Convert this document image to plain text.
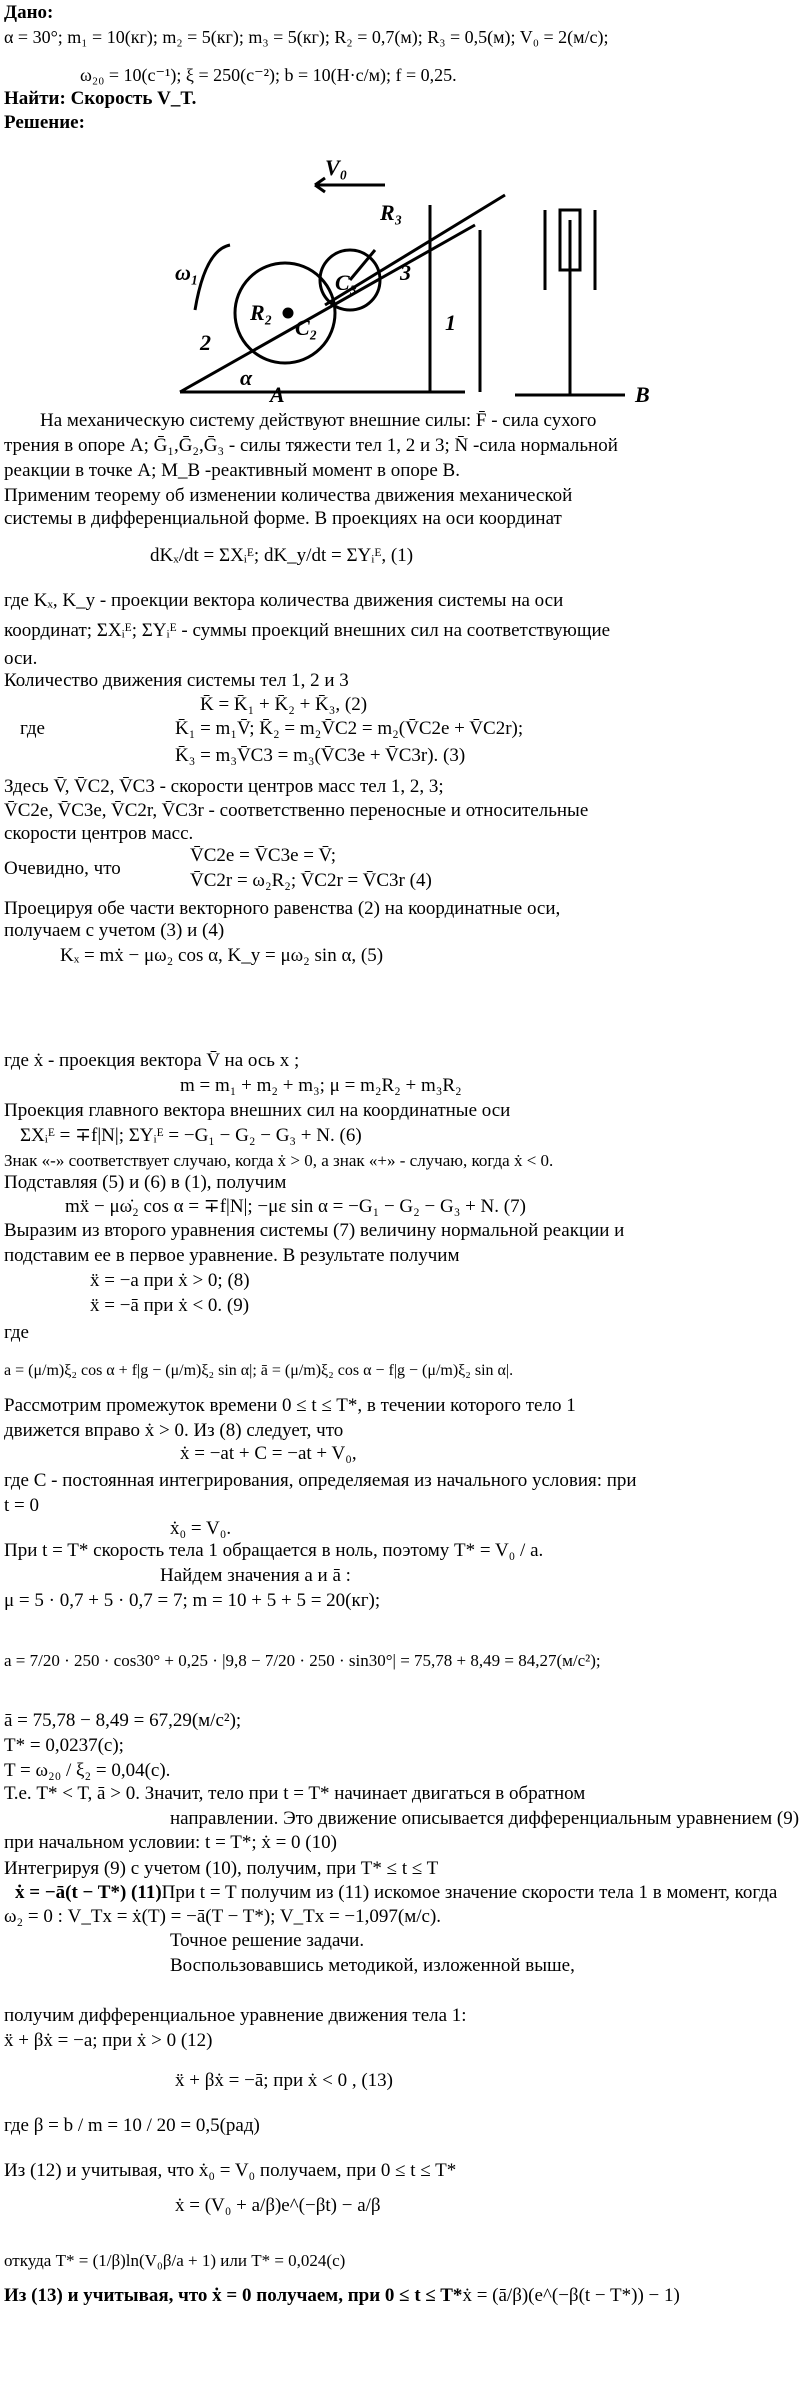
Дано:
α = 30°; m₁ = 10(кг); m₂ = 5(кг); m₃ = 5(кг); R₂ = 0,7(м); R₃ = 0,5(м); V₀ = 2(м/с);
ω₂₀ = 10(с⁻¹); ξ = 250(с⁻²); b = 10(Н·с/м); f = 0,25.
Найти: Скорость V_T.
Решение:
V₀
R₃
C₃
ω₁
R₂
C₂
2
3
1
α
A	B
На механическую систему действуют внешние силы: F̄ - сила сухого
трения в опоре A; Ḡ₁,Ḡ₂,Ḡ₃ - силы тяжести тел 1, 2 и 3; N̄ -сила нормальной
реакции в точке A; M_B -реактивный момент в опоре B.
Применим теорему об изменении количества движения механической
системы в дифференциальной форме. В проекциях на оси координат
dKₓ/dt = ΣXᵢᴱ; dK_y/dt = ΣYᵢᴱ, (1)
где Kₓ, K_y - проекции вектора количества движения системы на оси
координат; ΣXᵢᴱ; ΣYᵢᴱ - суммы проекций внешних сил на соответствующие
оси.
Количество движения системы тел 1, 2 и 3
K̄ = K̄₁ + K̄₂ + K̄₃, (2)
где	K̄₁ = m₁V̄; K̄₂ = m₂V̄C2 = m₂(V̄C2e + V̄C2r);
K̄₃ = m₃V̄C3 = m₃(V̄C3e + V̄C3r). (3)
Здесь V̄, V̄C2, V̄C3 - скорости центров масс тел 1, 2, 3;
V̄C2e, V̄C3e, V̄C2r, V̄C3r - соответственно переносные и относительные
скорости центров масс.
Очевидно, что
V̄C2e = V̄C3e = V̄;
V̄C2r = ω₂R₂; V̄C2r = V̄C3r (4)
Проецируя обе части векторного равенства (2) на координатные оси,
получаем с учетом (3) и (4)
Kₓ = mẋ − μω₂ cos α, K_y = μω₂ sin α, (5)
где ẋ - проекция вектора V̄ на ось x ;
m = m₁ + m₂ + m₃; μ = m₂R₂ + m₃R₂
Проекция главного вектора внешних сил на координатные оси
ΣXᵢᴱ = ∓f|N|; ΣYᵢᴱ = −G₁ − G₂ − G₃ + N. (6)
Знак «-» соответствует случаю, когда ẋ > 0, а знак «+» - случаю, когда ẋ < 0.
Подставляя (5) и (6) в (1), получим
mẍ − μω̇₂ cos α = ∓f|N|; −με sin α = −G₁ − G₂ − G₃ + N. (7)
Выразим из второго уравнения системы (7) величину нормальной реакции и
подставим ее в первое уравнение. В результате получим
ẍ = −a при ẋ > 0; (8)
ẍ = −ā при ẋ < 0. (9)
где
a = (μ/m)ξ₂ cos α + f|g − (μ/m)ξ₂ sin α|; ā = (μ/m)ξ₂ cos α − f|g − (μ/m)ξ₂ sin α|.
Рассмотрим промежуток времени 0 ≤ t ≤ T*, в течении которого тело 1
движется вправо ẋ > 0. Из (8) следует, что
ẋ = −at + C = −at + V₀,
где C - постоянная интегрирования, определяемая из начального условия: при
t = 0
ẋ₀ = V₀.
При t = T* скорость тела 1 обращается в ноль, поэтому T* = V₀ / a.
Найдем значения a и ā :
μ = 5 · 0,7 + 5 · 0,7 = 7; m = 10 + 5 + 5 = 20(кг);
a = 7/20 · 250 · cos30° + 0,25 · |9,8 − 7/20 · 250 · sin30°| = 75,78 + 8,49 = 84,27(м/с²);
ā = 75,78 − 8,49 = 67,29(м/с²);
T* = 0,0237(с);
T = ω₂₀ / ξ₂ = 0,04(с).
Т.е. T* < T, ā > 0. Значит, тело при t = T* начинает двигаться в обратном
направлении. Это движение описывается дифференциальным уравнением (9)
при начальном условии: t = T*; ẋ = 0 (10)
Интегрируя (9) с учетом (10), получим, при T* ≤ t ≤ T
ẋ = −ā(t − T*) (11)При t = T получим из (11) искомое значение скорости тела 1 в момент, когда
ω₂ = 0 : V_Tx = ẋ(T) = −ā(T − T*); V_Tx = −1,097(м/с).
Точное решение задачи.
Воспользовавшись методикой, изложенной выше,
получим дифференциальное уравнение движения тела 1:
ẍ + βẋ = −a; при ẋ > 0 (12)
ẍ + βẋ = −ā; при ẋ < 0 , (13)
где β = b / m = 10 / 20 = 0,5(рад)
Из (12) и учитывая, что ẋ₀ = V₀ получаем, при 0 ≤ t ≤ T*
ẋ = (V₀ + a/β)e^(−βt) − a/β
откуда T* = (1/β)ln(V₀β/a + 1) или T* = 0,024(с)
Из (13) и учитывая, что ẋ = 0 получаем, при 0 ≤ t ≤ T*ẋ = (ā/β)(e^(−β(t − T*)) − 1)
